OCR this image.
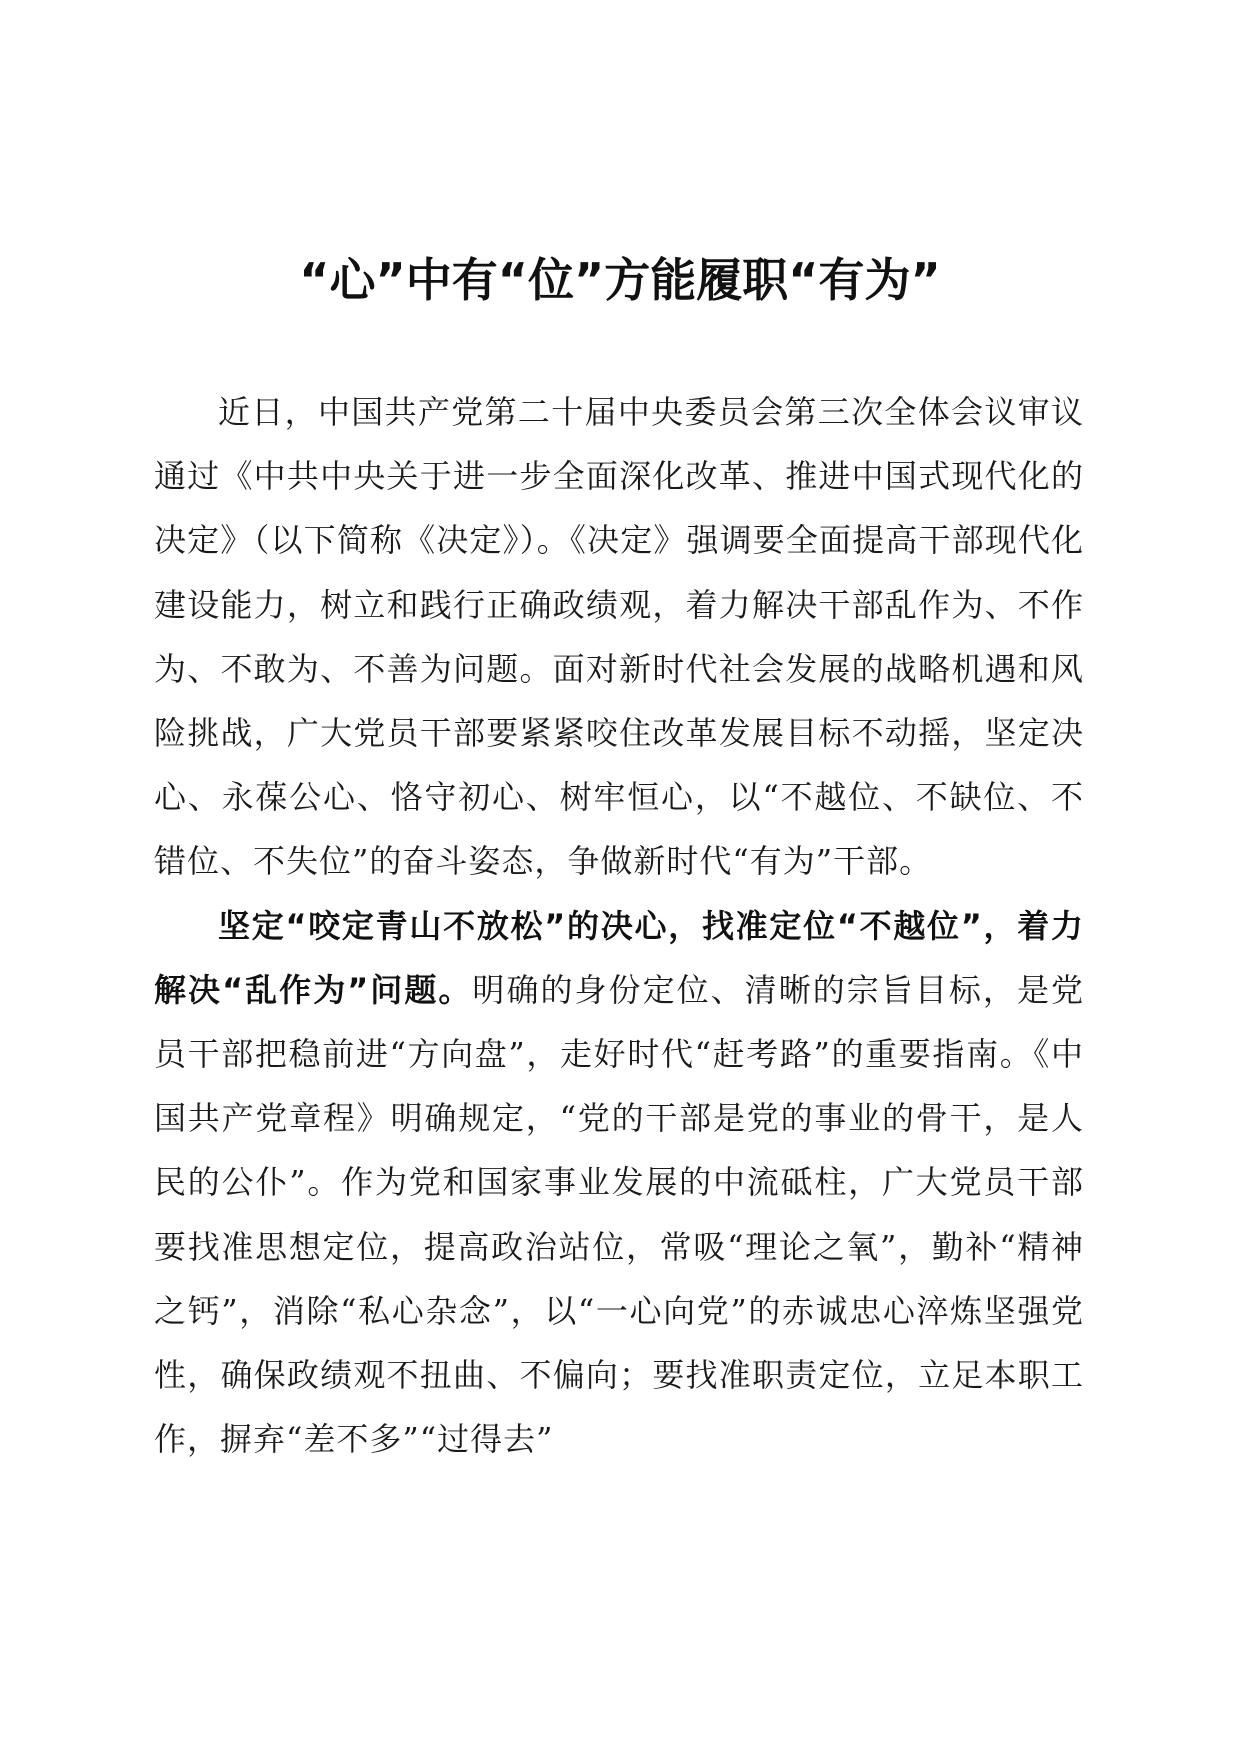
“心”中有“位”方能履职“有为”

近日，中国共产党第二十届中央委员会第三次全体会议审议通过《中共中央关于进一步全面深化改革、推进中国式现代化的决定》（以下简称《决定》）。《决定》强调要全面提高干部现代化建设能力，树立和践行正确政绩观，着力解决干部乱作为、不作为、不敢为、不善为问题。面对新时代社会发展的战略机遇和风险挑战，广大党员干部要紧紧咬住改革发展目标不动摇，坚定决心、永葆公心、恪守初心、树牢恒心，以“不越位、不缺位、不错位、不失位”的奋斗姿态，争做新时代“有为”干部。

坚定“咬定青山不放松”的决心，找准定位“不越位”，着力解决“乱作为”问题。明确的身份定位、清晰的宗旨目标，是党员干部把稳前进“方向盘”，走好时代“赶考路”的重要指南。《中国共产党章程》明确规定，“党的干部是党的事业的骨干，是人民的公仆”。作为党和国家事业发展的中流砥柱，广大党员干部要找准思想定位，提高政治站位，常吸“理论之氧”，勤补“精神之钙”，消除“私心杂念”，以“一心向党”的赤诚忠心淬炼坚强党性，确保政绩观不扭曲、不偏向；要找准职责定位，立足本职工作，摒弃“差不多”“过得去”
